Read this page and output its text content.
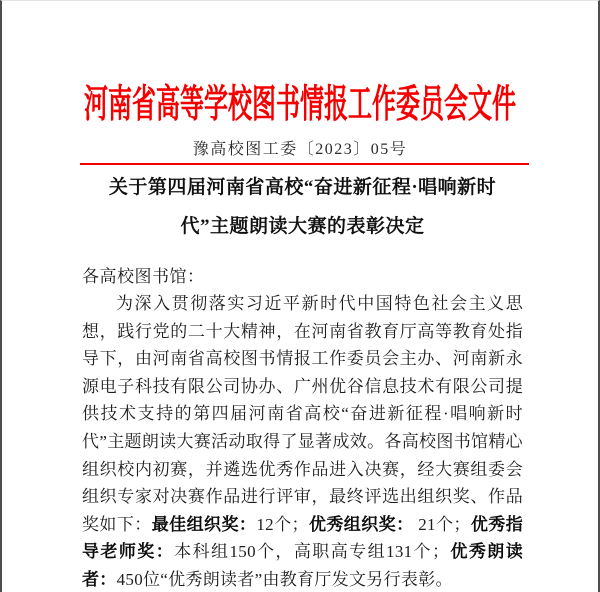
河南省高等学校图书情报工作委员会文件
豫高校图工委〔2023〕05号
关于第四届河南省高校“奋进新征程·唱响新时
代”主题朗读大赛的表彰决定
各高校图书馆：

为深入贯彻落实习近平新时代中国特色社会主义思想，践行党的二十大精神，在河南省教育厅高等教育处指导下，由河南省高校图书情报工作委员会主办、河南新永源电子科技有限公司协办、广州优谷信息技术有限公司提供技术支持的第四届河南省高校“奋进新征程·唱响新时代”主题朗读大赛活动取得了显著成效。各高校图书馆精心组织校内初赛，并遴选优秀作品进入决赛，经大赛组委会组织专家对决赛作品进行评审，最终评选出组织奖、作品奖如下：最佳组织奖：12个；优秀组织奖： 21个；优秀指导老师奖：本科组150个，高职高专组131个；优秀朗读者：450位“优秀朗读者”由教育厅发文另行表彰。
